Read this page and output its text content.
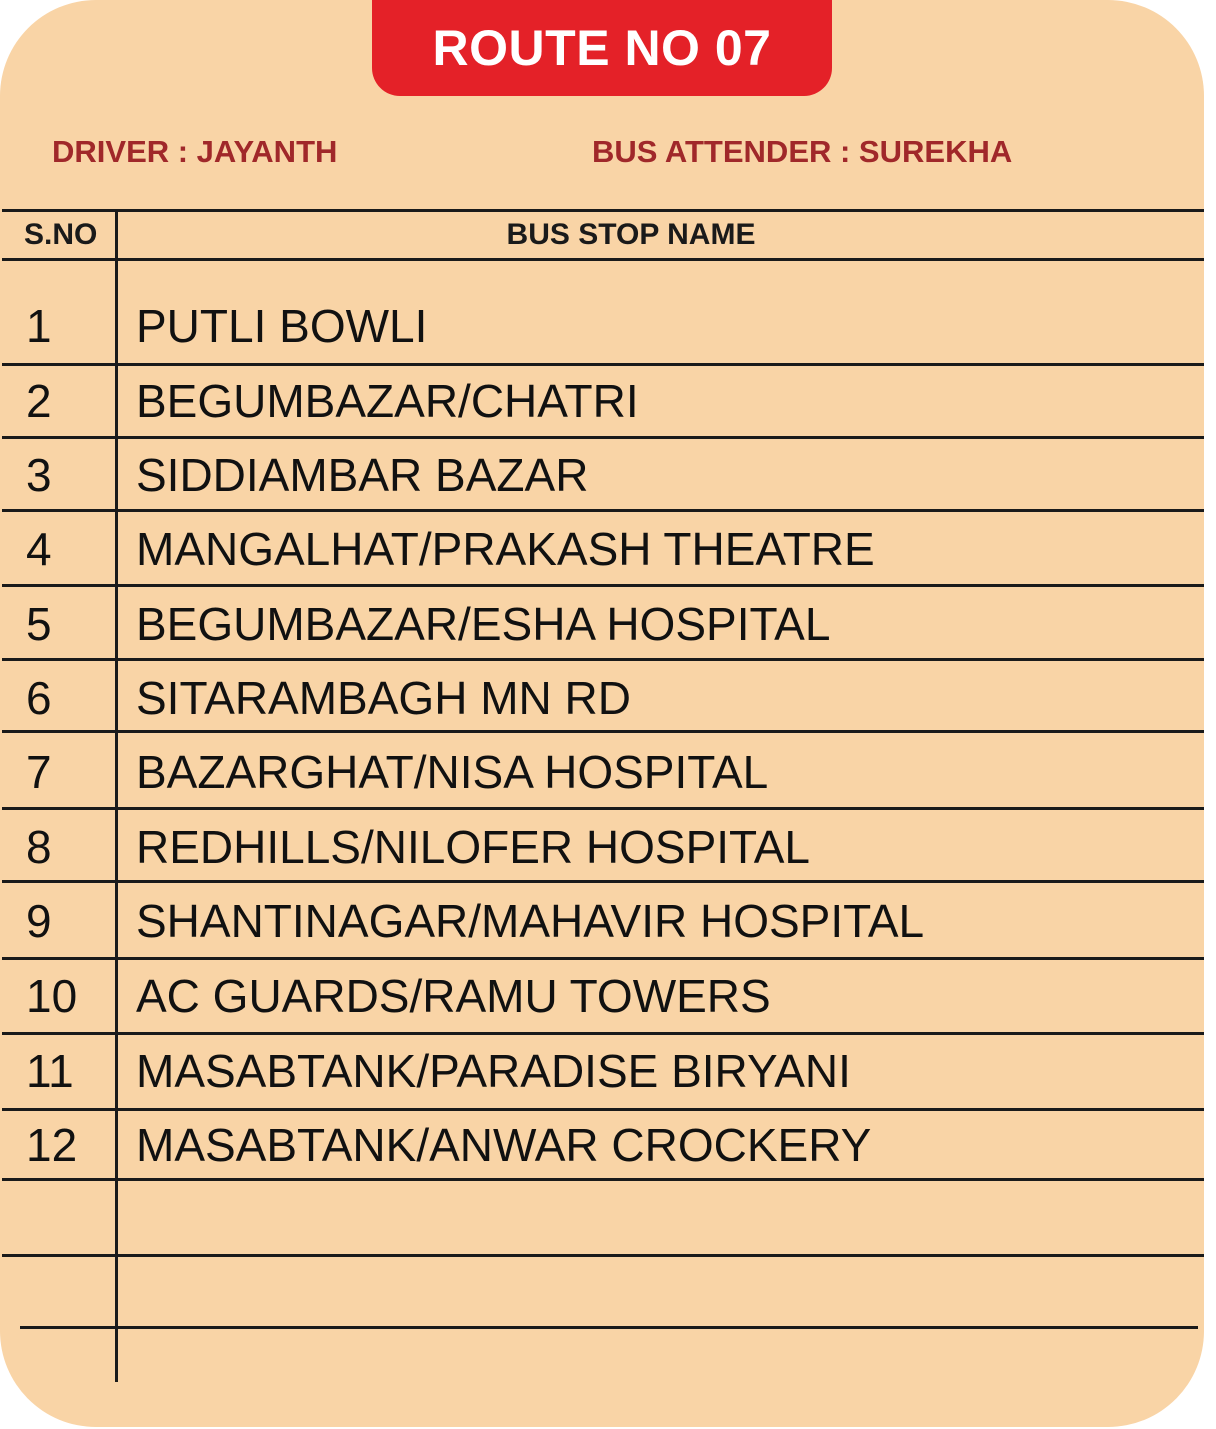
ROUTE NO 07
DRIVER : JAYANTH	BUS ATTENDER : SUREKHA
S.NO	BUS STOP NAME
1 PUTLI BOWLI
2 BEGUMBAZAR/CHATRI
3 SIDDIAMBAR BAZAR
4 MANGALHAT/PRAKASH THEATRE
5 BEGUMBAZAR/ESHA HOSPITAL
6 SITARAMBAGH MN RD
7 BAZARGHAT/NISA HOSPITAL
8 REDHILLS/NILOFER HOSPITAL
9 SHANTINAGAR/MAHAVIR HOSPITAL
10 AC GUARDS/RAMU TOWERS
11 MASABTANK/PARADISE BIRYANI
12 MASABTANK/ANWAR CROCKERY
